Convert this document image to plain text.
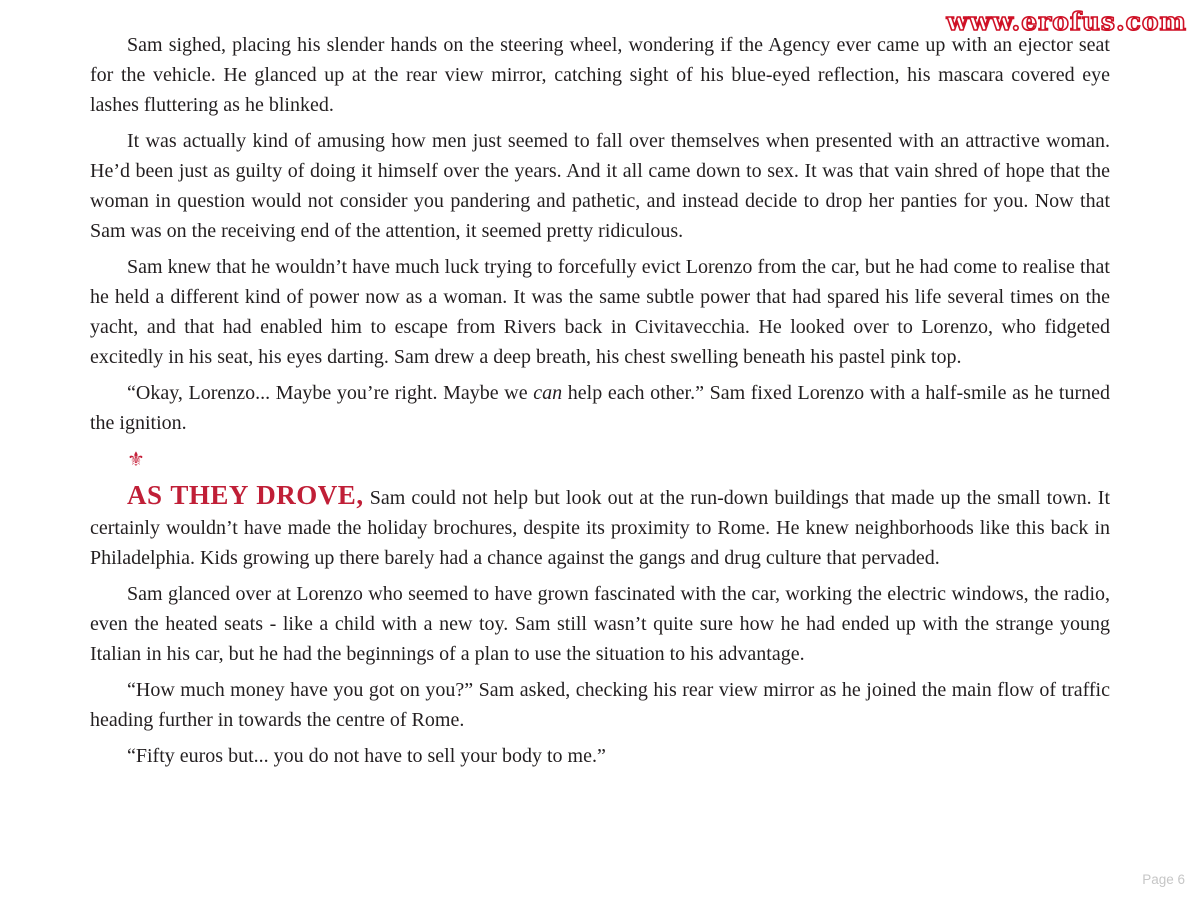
www.erofus.com

Sam sighed, placing his slender hands on the steering wheel, wondering if the Agency ever came up with an ejector seat for the vehicle. He glanced up at the rear view mirror, catching sight of his blue-eyed reflection, his mascara covered eye lashes fluttering as he blinked.

It was actually kind of amusing how men just seemed to fall over themselves when presented with an attractive woman. He’d been just as guilty of doing it himself over the years. And it all came down to sex. It was that vain shred of hope that the woman in question would not consider you pandering and pathetic, and instead decide to drop her panties for you. Now that Sam was on the receiving end of the attention, it seemed pretty ridiculous.

Sam knew that he wouldn’t have much luck trying to forcefully evict Lorenzo from the car, but he had come to realise that he held a different kind of power now as a woman. It was the same subtle power that had spared his life several times on the yacht, and that had enabled him to escape from Rivers back in Civitavecchia. He looked over to Lorenzo, who fidgeted excitedly in his seat, his eyes darting. Sam drew a deep breath, his chest swelling beneath his pastel pink top.

“Okay, Lorenzo... Maybe you’re right. Maybe we can help each other.” Sam fixed Lorenzo with a half-smile as he turned the ignition.

⚜

AS THEY DROVE, Sam could not help but look out at the run-down buildings that made up the small town. It certainly wouldn’t have made the holiday brochures, despite its proximity to Rome. He knew neighborhoods like this back in Philadelphia. Kids growing up there barely had a chance against the gangs and drug culture that pervaded.

Sam glanced over at Lorenzo who seemed to have grown fascinated with the car, working the electric windows, the radio, even the heated seats - like a child with a new toy. Sam still wasn’t quite sure how he had ended up with the strange young Italian in his car, but he had the beginnings of a plan to use the situation to his advantage.

“How much money have you got on you?” Sam asked, checking his rear view mirror as he joined the main flow of traffic heading further in towards the centre of Rome.

“Fifty euros but... you do not have to sell your body to me.”

Page 6
